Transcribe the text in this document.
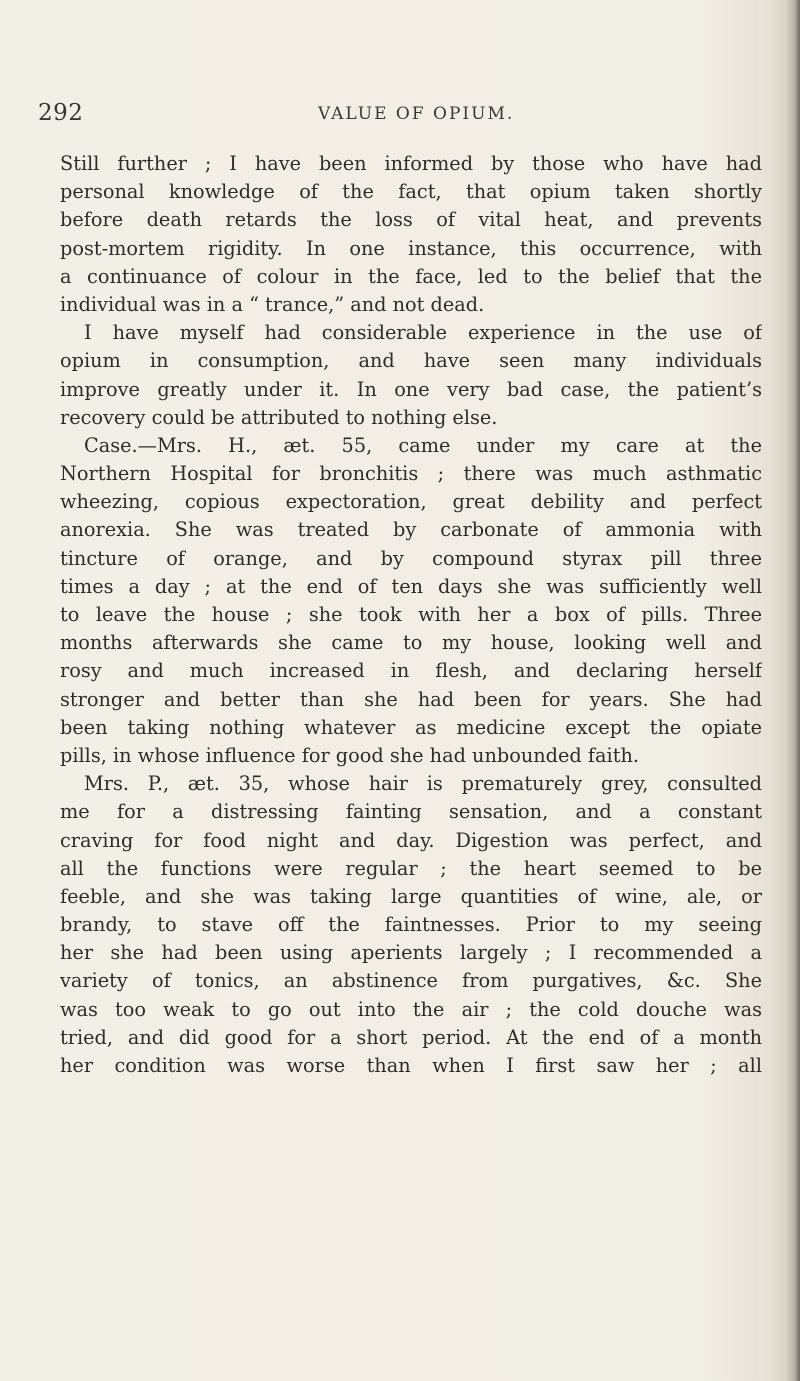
292	VALUE OF OPIUM.
Still further ; I have been informed by those who have had
personal knowledge of the fact, that opium taken shortly
before death retards the loss of vital heat, and prevents
post-mortem rigidity. In one instance, this occurrence, with
a continuance of colour in the face, led to the belief that the
individual was in a “ trance,” and not dead.
I have myself had considerable experience in the use of
opium in consumption, and have seen many individuals
improve greatly under it. In one very bad case, the patient’s
recovery could be attributed to nothing else.
Case.—Mrs. H., æt. 55, came under my care at the
Northern Hospital for bronchitis ; there was much asthmatic
wheezing, copious expectoration, great debility and perfect
anorexia. She was treated by carbonate of ammonia with
tincture of orange, and by compound styrax pill three
times a day ; at the end of ten days she was sufficiently well
to leave the house ; she took with her a box of pills. Three
months afterwards she came to my house, looking well and
rosy and much increased in flesh, and declaring herself
stronger and better than she had been for years. She had
been taking nothing whatever as medicine except the opiate
pills, in whose influence for good she had unbounded faith.
Mrs. P., æt. 35, whose hair is prematurely grey, consulted
me for a distressing fainting sensation, and a constant
craving for food night and day. Digestion was perfect, and
all the functions were regular ; the heart seemed to be
feeble, and she was taking large quantities of wine, ale, or
brandy, to stave off the faintnesses. Prior to my seeing
her she had been using aperients largely ; I recommended a
variety of tonics, an abstinence from purgatives, &c. She
was too weak to go out into the air ; the cold douche was
tried, and did good for a short period. At the end of a month
her condition was worse than when I first saw her ; all
